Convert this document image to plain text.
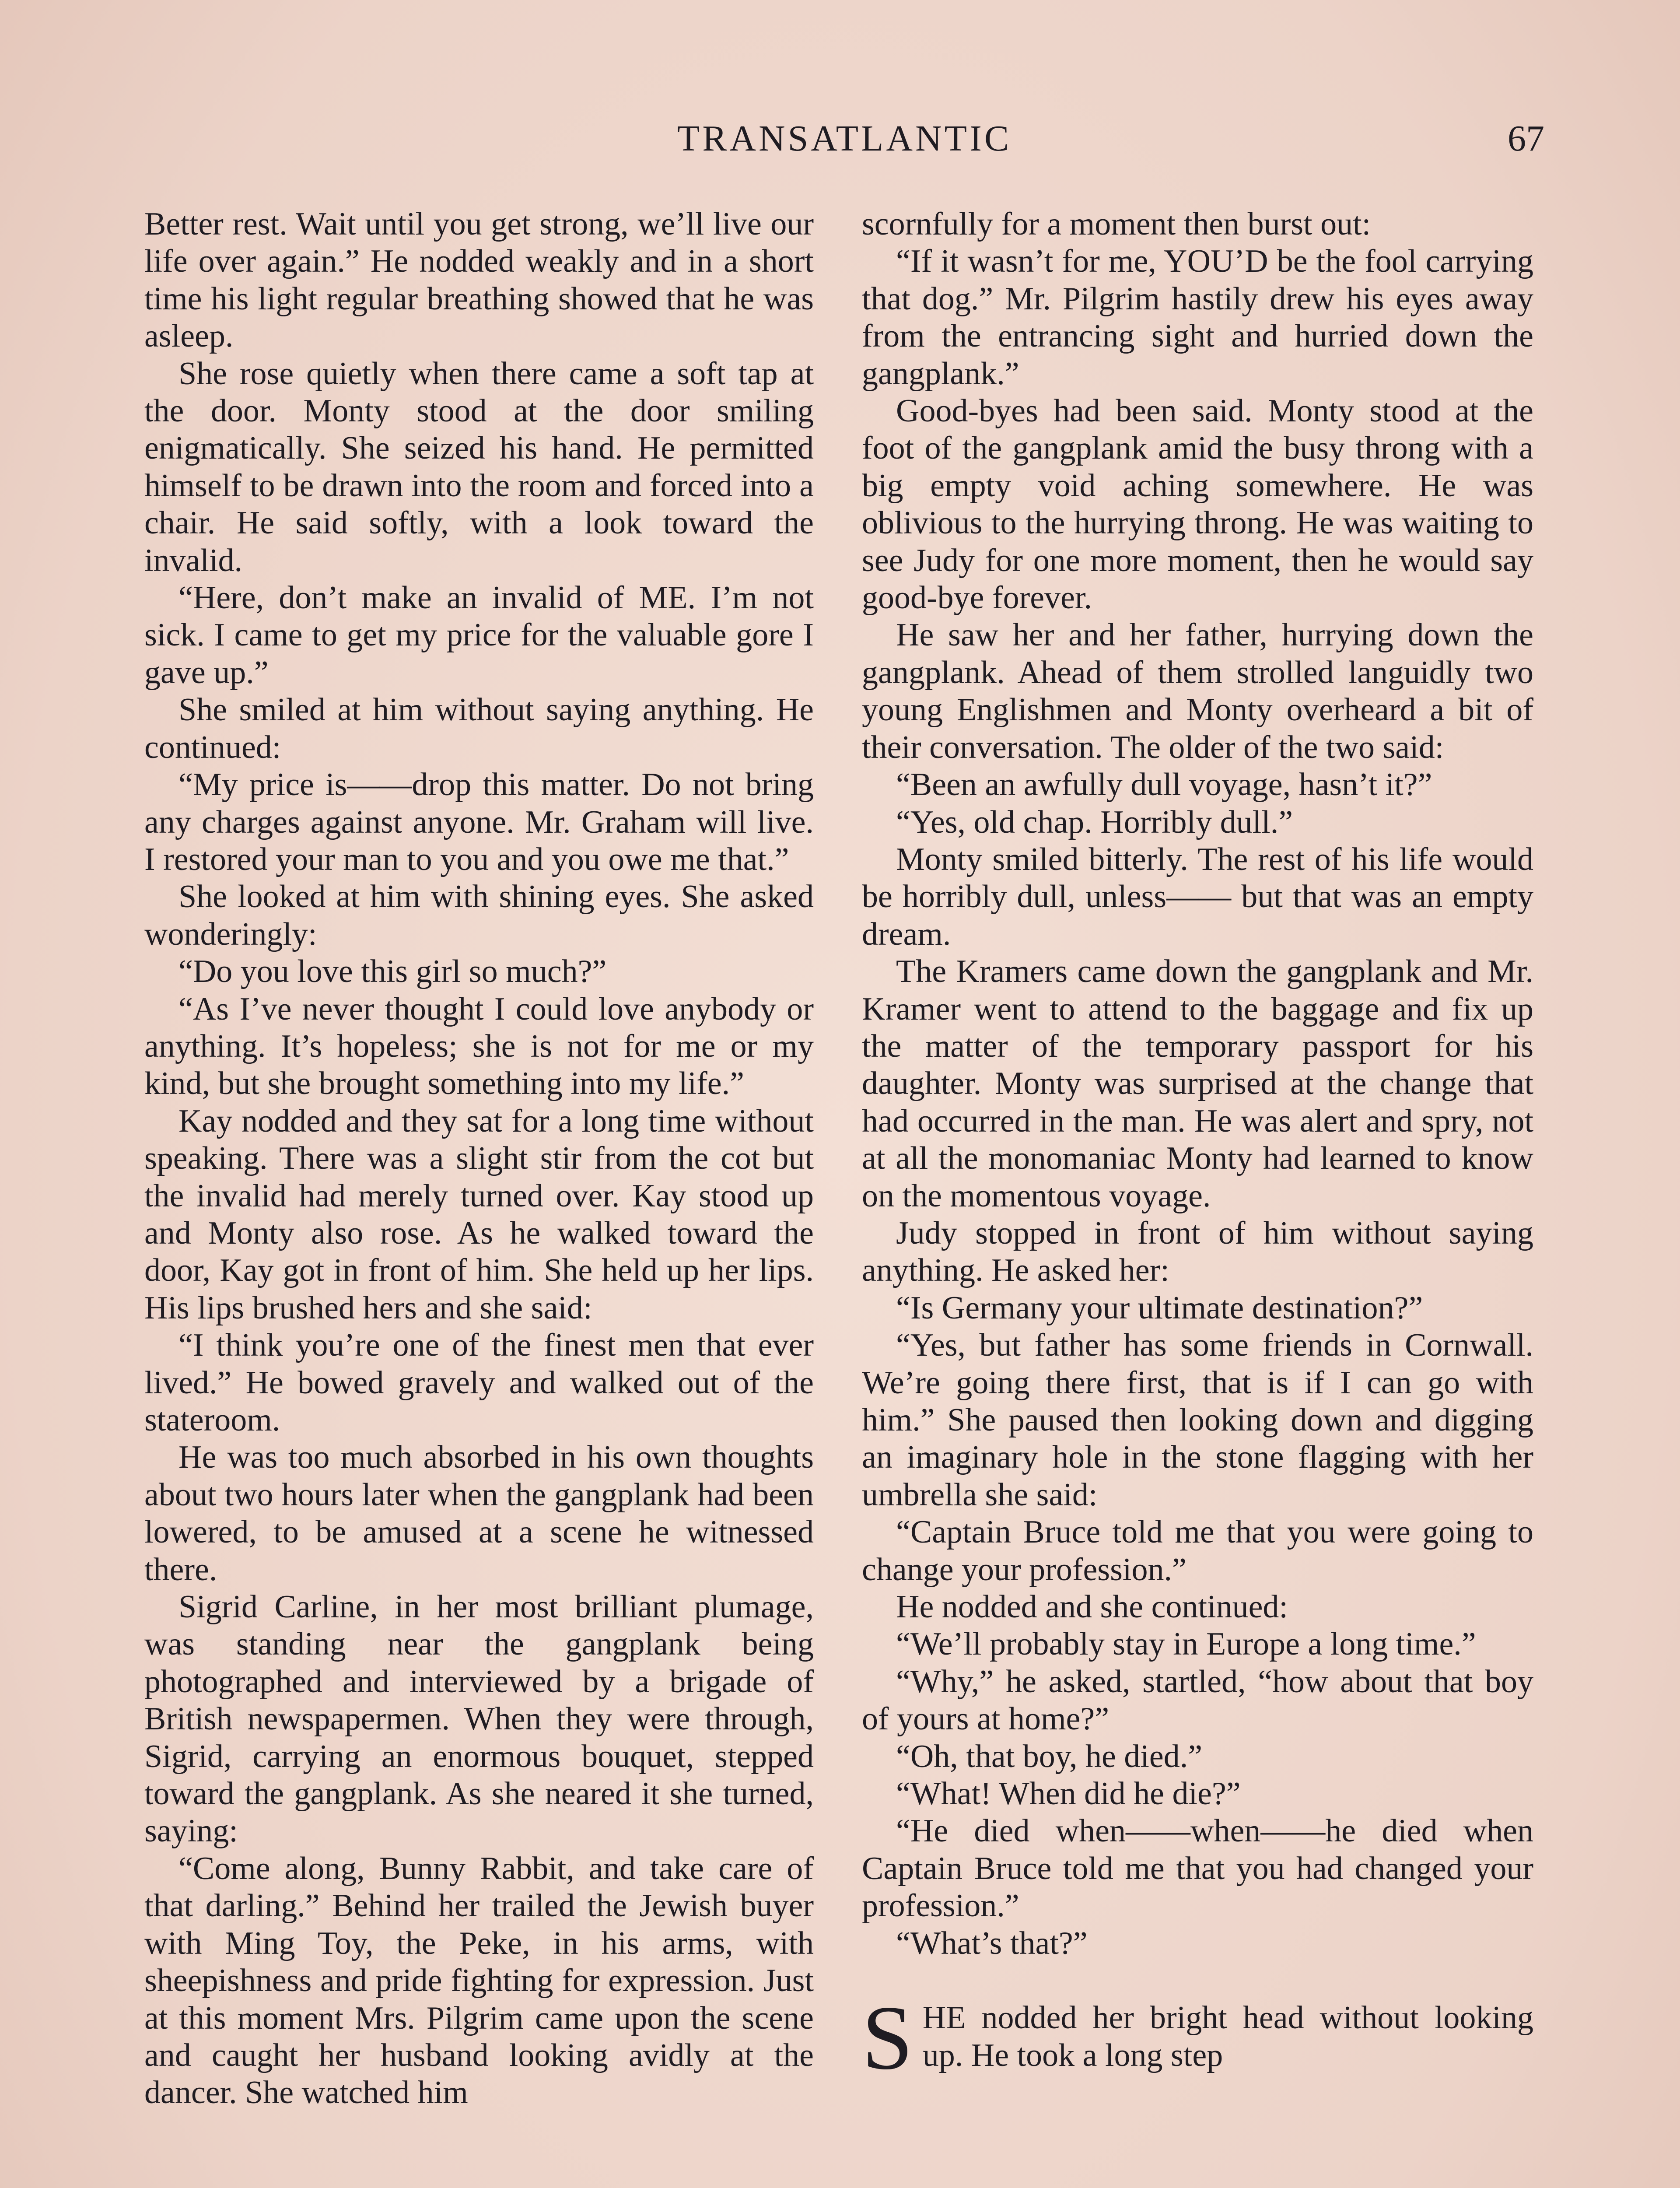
TRANSATLANTIC	67

Better rest. Wait until you get strong, we’ll live our life over again.” He nodded weakly and in a short time his light regular breathing showed that he was asleep.

She rose quietly when there came a soft tap at the door. Monty stood at the door smiling enigmatically. She seized his hand. He permitted himself to be drawn into the room and forced into a chair. He said softly, with a look toward the invalid.

“Here, don’t make an invalid of ME. I’m not sick. I came to get my price for the valuable gore I gave up.”

She smiled at him without saying anything. He continued:

“My price is——drop this matter. Do not bring any charges against anyone. Mr. Graham will live. I restored your man to you and you owe me that.”

She looked at him with shining eyes. She asked wonderingly:

“Do you love this girl so much?”

“As I’ve never thought I could love anybody or anything. It’s hopeless; she is not for me or my kind, but she brought something into my life.”

Kay nodded and they sat for a long time without speaking. There was a slight stir from the cot but the invalid had merely turned over. Kay stood up and Monty also rose. As he walked toward the door, Kay got in front of him. She held up her lips. His lips brushed hers and she said:

“I think you’re one of the finest men that ever lived.” He bowed gravely and walked out of the stateroom.

He was too much absorbed in his own thoughts about two hours later when the gangplank had been lowered, to be amused at a scene he witnessed there.

Sigrid Carline, in her most brilliant plumage, was standing near the gangplank being photographed and interviewed by a brigade of British newspapermen. When they were through, Sigrid, carrying an enormous bouquet, stepped toward the gangplank. As she neared it she turned, saying:

“Come along, Bunny Rabbit, and take care of that darling.” Behind her trailed the Jewish buyer with Ming Toy, the Peke, in his arms, with sheepishness and pride fighting for expression. Just at this moment Mrs. Pilgrim came upon the scene and caught her husband looking avidly at the dancer. She watched him

scornfully for a moment then burst out:

“If it wasn’t for me, YOU’D be the fool carrying that dog.” Mr. Pilgrim hastily drew his eyes away from the entrancing sight and hurried down the gangplank.”

Good-byes had been said. Monty stood at the foot of the gangplank amid the busy throng with a big empty void aching somewhere. He was oblivious to the hurrying throng. He was waiting to see Judy for one more moment, then he would say good-bye forever.

He saw her and her father, hurrying down the gangplank. Ahead of them strolled languidly two young Englishmen and Monty overheard a bit of their conversation. The older of the two said:

“Been an awfully dull voyage, hasn’t it?”

“Yes, old chap. Horribly dull.”

Monty smiled bitterly. The rest of his life would be horribly dull, unless—— but that was an empty dream.

The Kramers came down the gangplank and Mr. Kramer went to attend to the baggage and fix up the matter of the temporary passport for his daughter. Monty was surprised at the change that had occurred in the man. He was alert and spry, not at all the monomaniac Monty had learned to know on the momentous voyage.

Judy stopped in front of him without saying anything. He asked her:

“Is Germany your ultimate destination?”

“Yes, but father has some friends in Cornwall. We’re going there first, that is if I can go with him.” She paused then looking down and digging an imaginary hole in the stone flagging with her umbrella she said:

“Captain Bruce told me that you were going to change your profession.”

He nodded and she continued:

“We’ll probably stay in Europe a long time.”

“Why,” he asked, startled, “how about that boy of yours at home?”

“Oh, that boy, he died.”

“What! When did he die?”

“He died when——when——he died when Captain Bruce told me that you had changed your profession.”

“What’s that?”

S HE nodded her bright head without looking up. He took a long step
